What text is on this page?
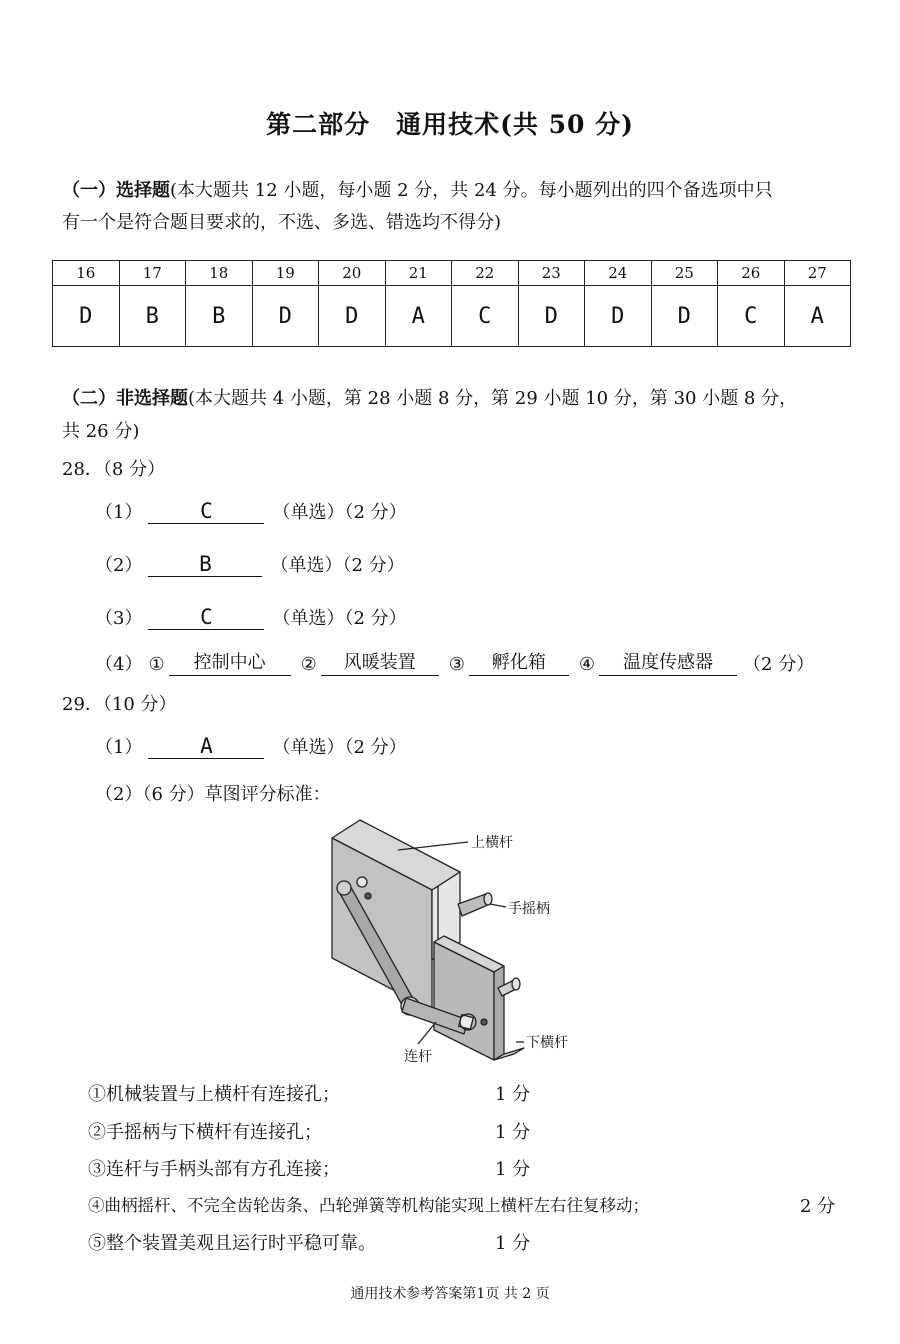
第二部分　通用技术(共 50 分)
（一）选择题(本大题共 12 小题，每小题 2 分，共 24 分。每小题列出的四个备选项中只
有一个是符合题目要求的，不选、多选、错选均不得分)
16	17	18	19	20	21	22	23	24	25	26	27
D	B	B	D	D	A	C	D	D	D	C	A
（二）非选择题(本大题共 4 小题，第 28 小题 8 分，第 29 小题 10 分，第 30 小题 8 分，
共 26 分)
28．（8 分）
（1）	C	（单选）（2 分）
（2）	B	（单选）（2 分）
（3）	C	（单选）（2 分）
（4） ① 控制中心 ② 风暖装置 ③ 孵化箱 ④ 温度传感器 （2 分）
29．（10 分）
（1）	A	（单选）（2 分）
（2）（6 分）草图评分标准：
上横杆
手摇柄
下横杆
连杆
①机械装置与上横杆有连接孔；	1 分
②手摇柄与下横杆有连接孔；	1 分
③连杆与手柄头部有方孔连接；	1 分
④曲柄摇杆、不完全齿轮齿条、凸轮弹簧等机构能实现上横杆左右往复移动；	2 分
⑤整个装置美观且运行时平稳可靠。	1 分
通用技术参考答案第1页 共 2 页
